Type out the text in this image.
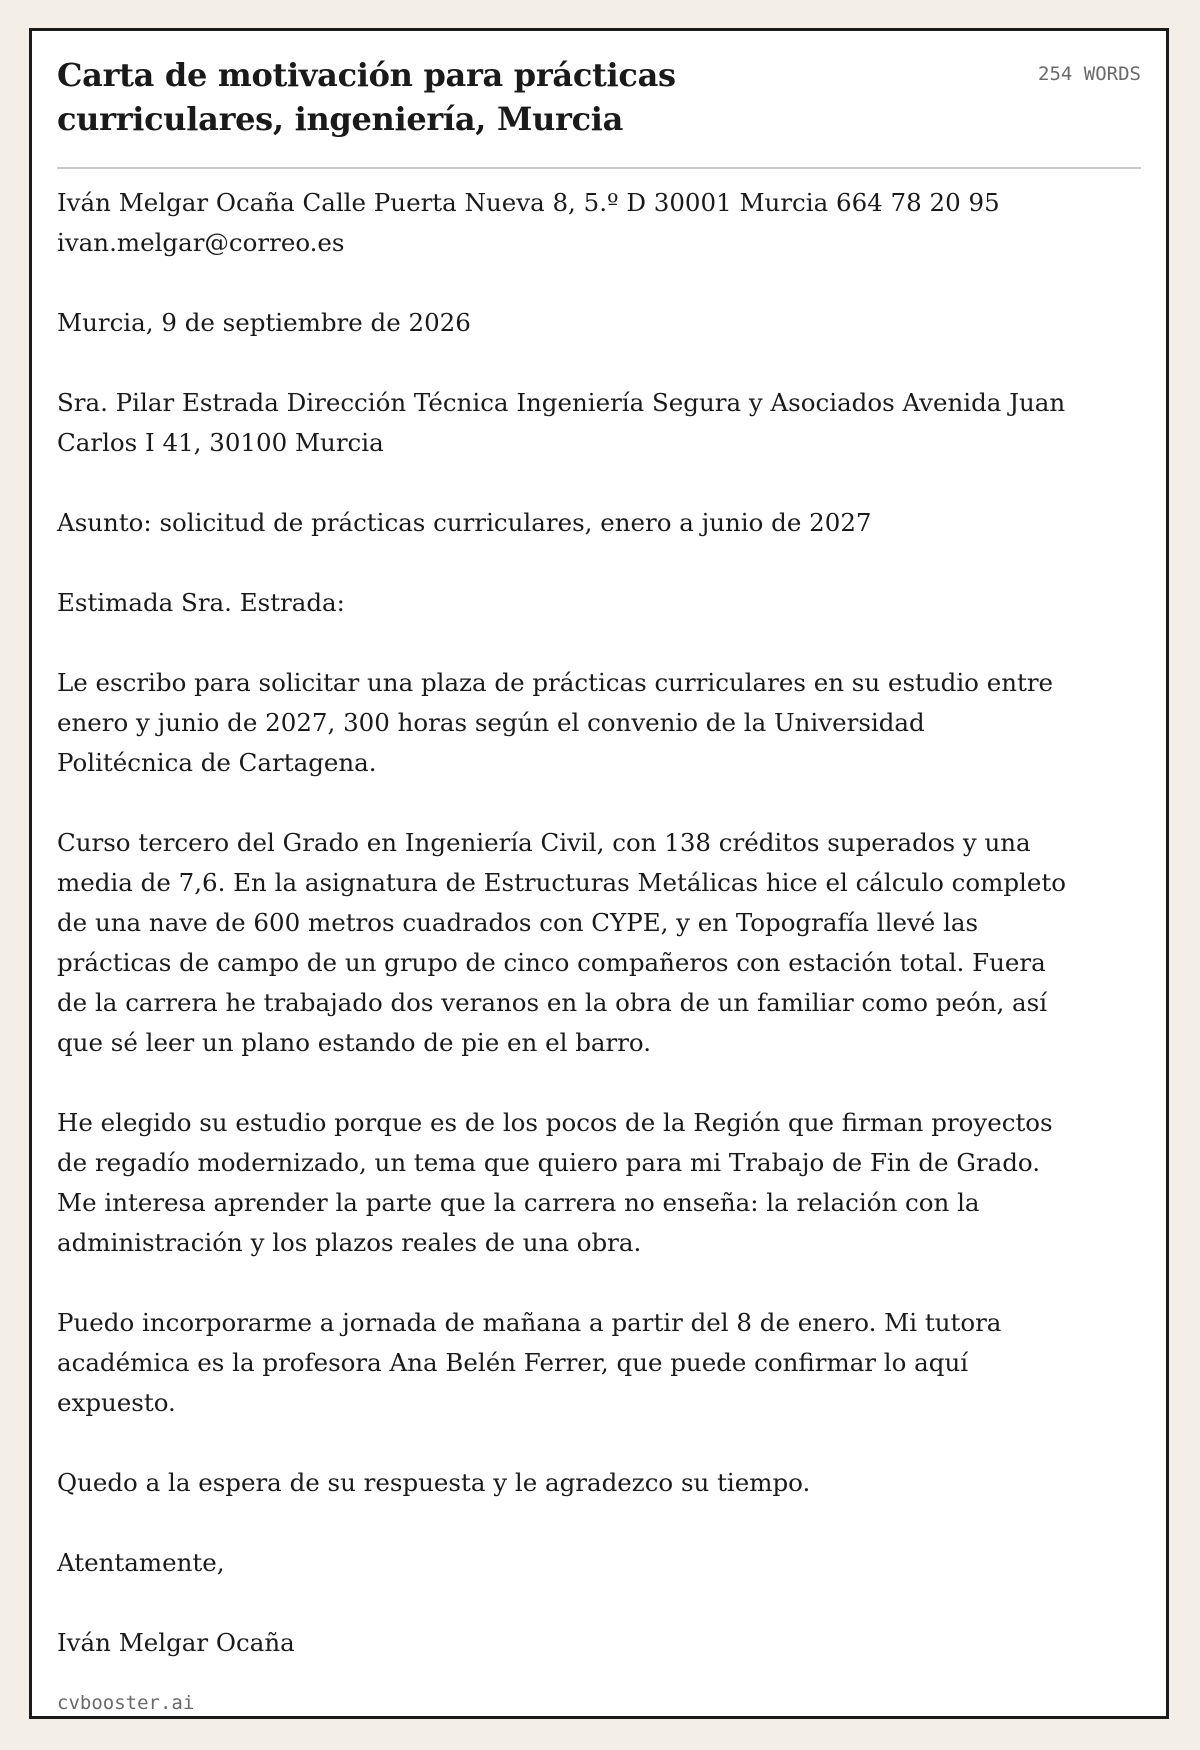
Carta de motivación para prácticas curriculares, ingeniería, Murcia
254 WORDS

Iván Melgar Ocaña Calle Puerta Nueva 8, 5.º D 30001 Murcia 664 78 20 95 ivan.melgar@correo.es

Murcia, 9 de septiembre de 2026

Sra. Pilar Estrada Dirección Técnica Ingeniería Segura y Asociados Avenida Juan Carlos I 41, 30100 Murcia

Asunto: solicitud de prácticas curriculares, enero a junio de 2027

Estimada Sra. Estrada:

Le escribo para solicitar una plaza de prácticas curriculares en su estudio entre enero y junio de 2027, 300 horas según el convenio de la Universidad Politécnica de Cartagena.

Curso tercero del Grado en Ingeniería Civil, con 138 créditos superados y una media de 7,6. En la asignatura de Estructuras Metálicas hice el cálculo completo de una nave de 600 metros cuadrados con CYPE, y en Topografía llevé las prácticas de campo de un grupo de cinco compañeros con estación total. Fuera de la carrera he trabajado dos veranos en la obra de un familiar como peón, así que sé leer un plano estando de pie en el barro.

He elegido su estudio porque es de los pocos de la Región que firman proyectos de regadío modernizado, un tema que quiero para mi Trabajo de Fin de Grado. Me interesa aprender la parte que la carrera no enseña: la relación con la administración y los plazos reales de una obra.

Puedo incorporarme a jornada de mañana a partir del 8 de enero. Mi tutora académica es la profesora Ana Belén Ferrer, que puede confirmar lo aquí expuesto.

Quedo a la espera de su respuesta y le agradezco su tiempo.

Atentamente,

Iván Melgar Ocaña

cvbooster.ai
